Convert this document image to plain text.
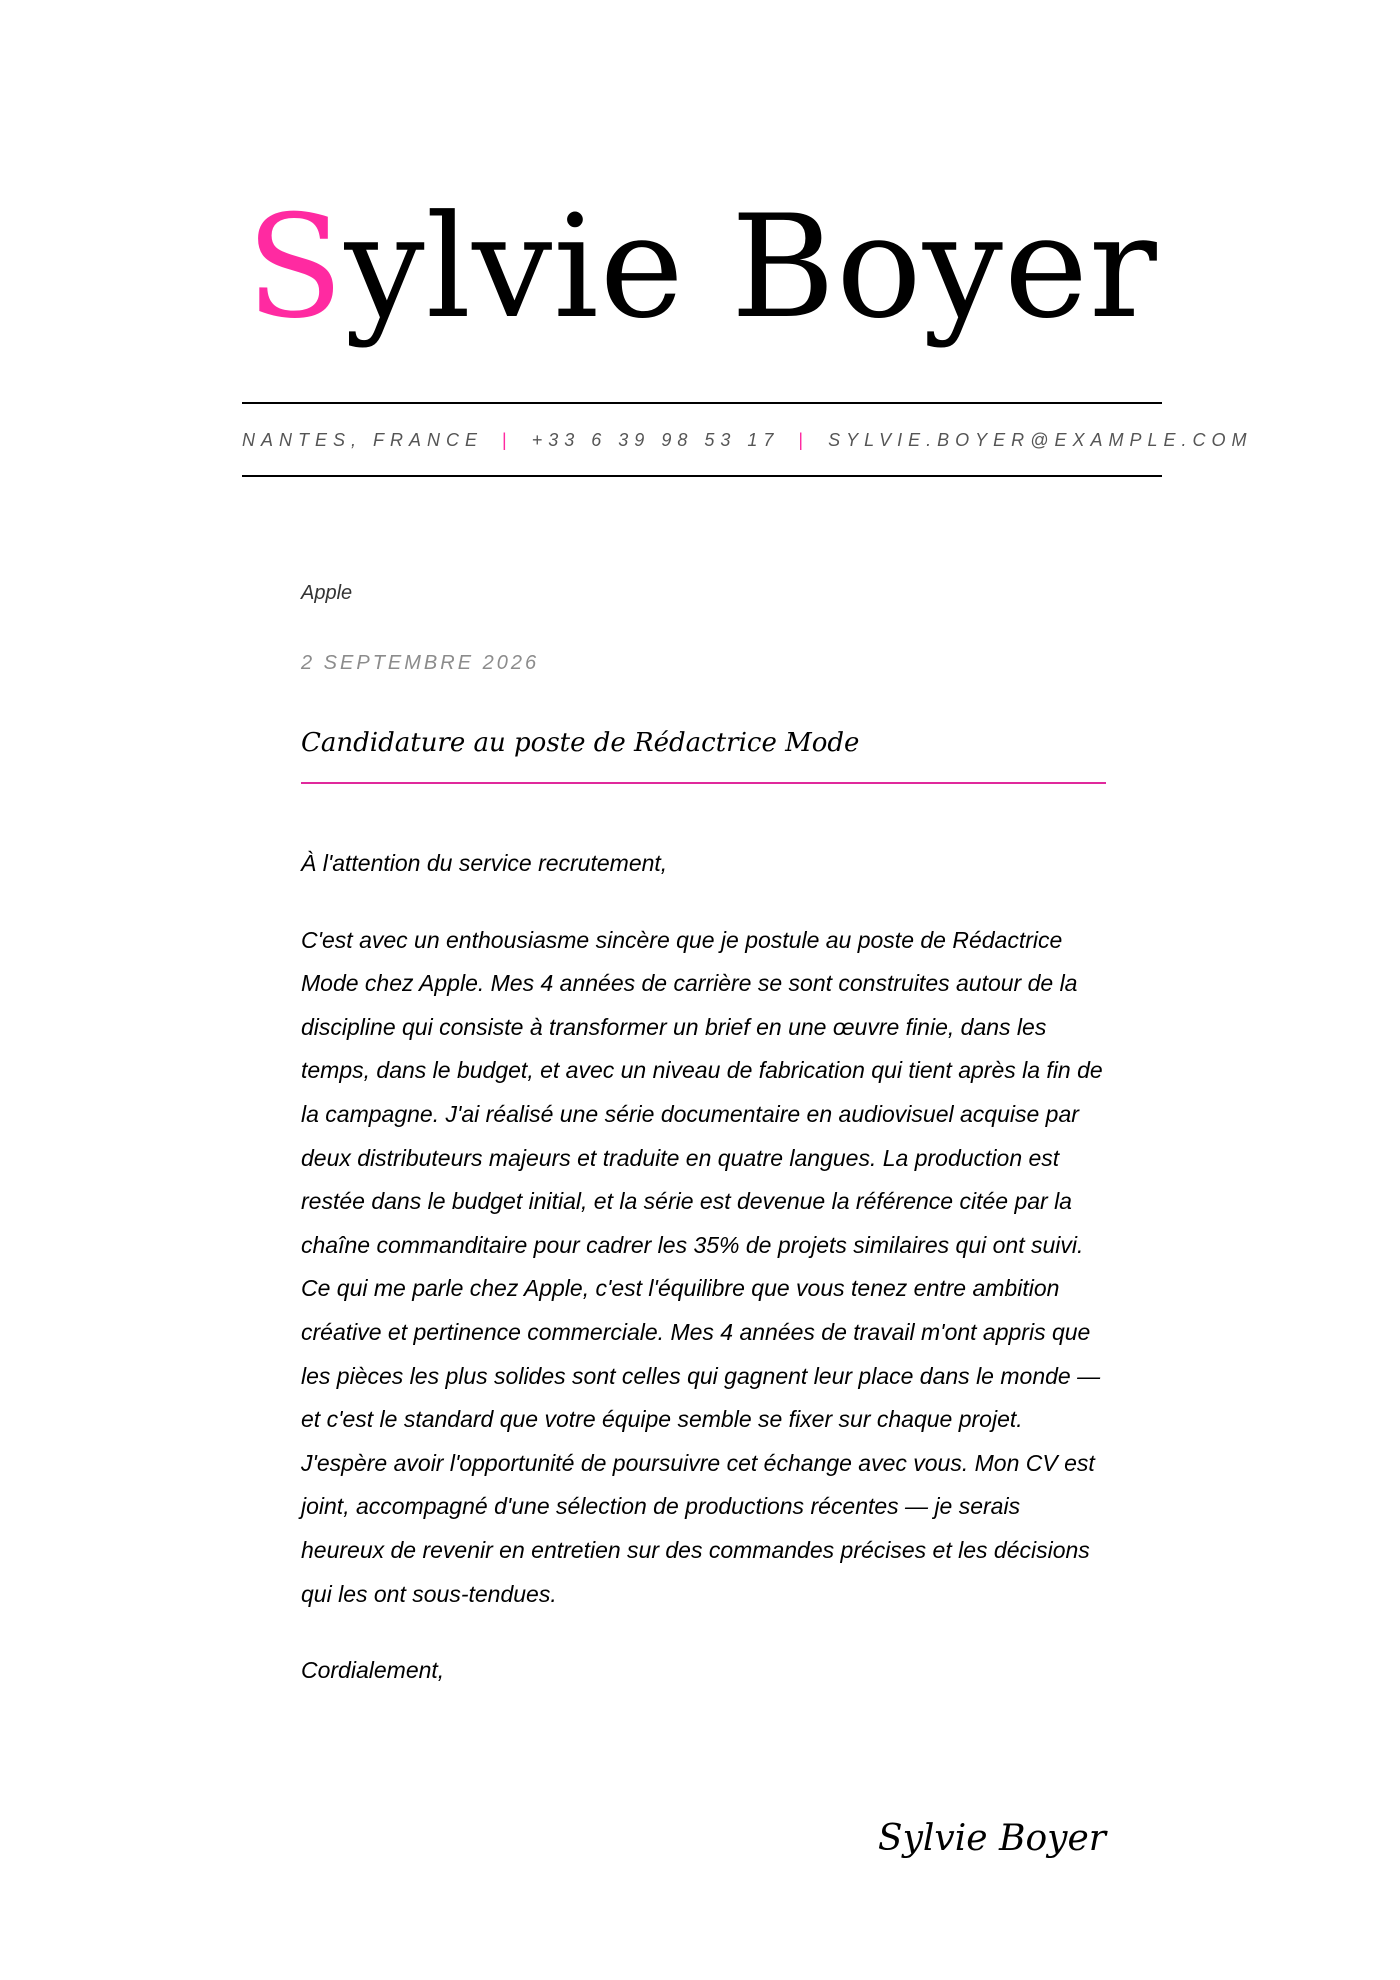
Sylvie Boyer
NANTES, FRANCE | +33 6 39 98 53 17 | SYLVIE.BOYER@EXAMPLE.COM
Apple
2 SEPTEMBRE 2026
Candidature au poste de Rédactrice Mode

À l'attention du service recrutement,

C'est avec un enthousiasme sincère que je postule au poste de Rédactrice Mode chez Apple. Mes 4 années de carrière se sont construites autour de la discipline qui consiste à transformer un brief en une œuvre finie, dans les temps, dans le budget, et avec un niveau de fabrication qui tient après la fin de la campagne. J'ai réalisé une série documentaire en audiovisuel acquise par deux distributeurs majeurs et traduite en quatre langues. La production est restée dans le budget initial, et la série est devenue la référence citée par la chaîne commanditaire pour cadrer les 35% de projets similaires qui ont suivi. Ce qui me parle chez Apple, c'est l'équilibre que vous tenez entre ambition créative et pertinence commerciale. Mes 4 années de travail m'ont appris que les pièces les plus solides sont celles qui gagnent leur place dans le monde — et c'est le standard que votre équipe semble se fixer sur chaque projet. J'espère avoir l'opportunité de poursuivre cet échange avec vous. Mon CV est joint, accompagné d'une sélection de productions récentes — je serais heureux de revenir en entretien sur des commandes précises et les décisions qui les ont sous-tendues.

Cordialement,

Sylvie Boyer
